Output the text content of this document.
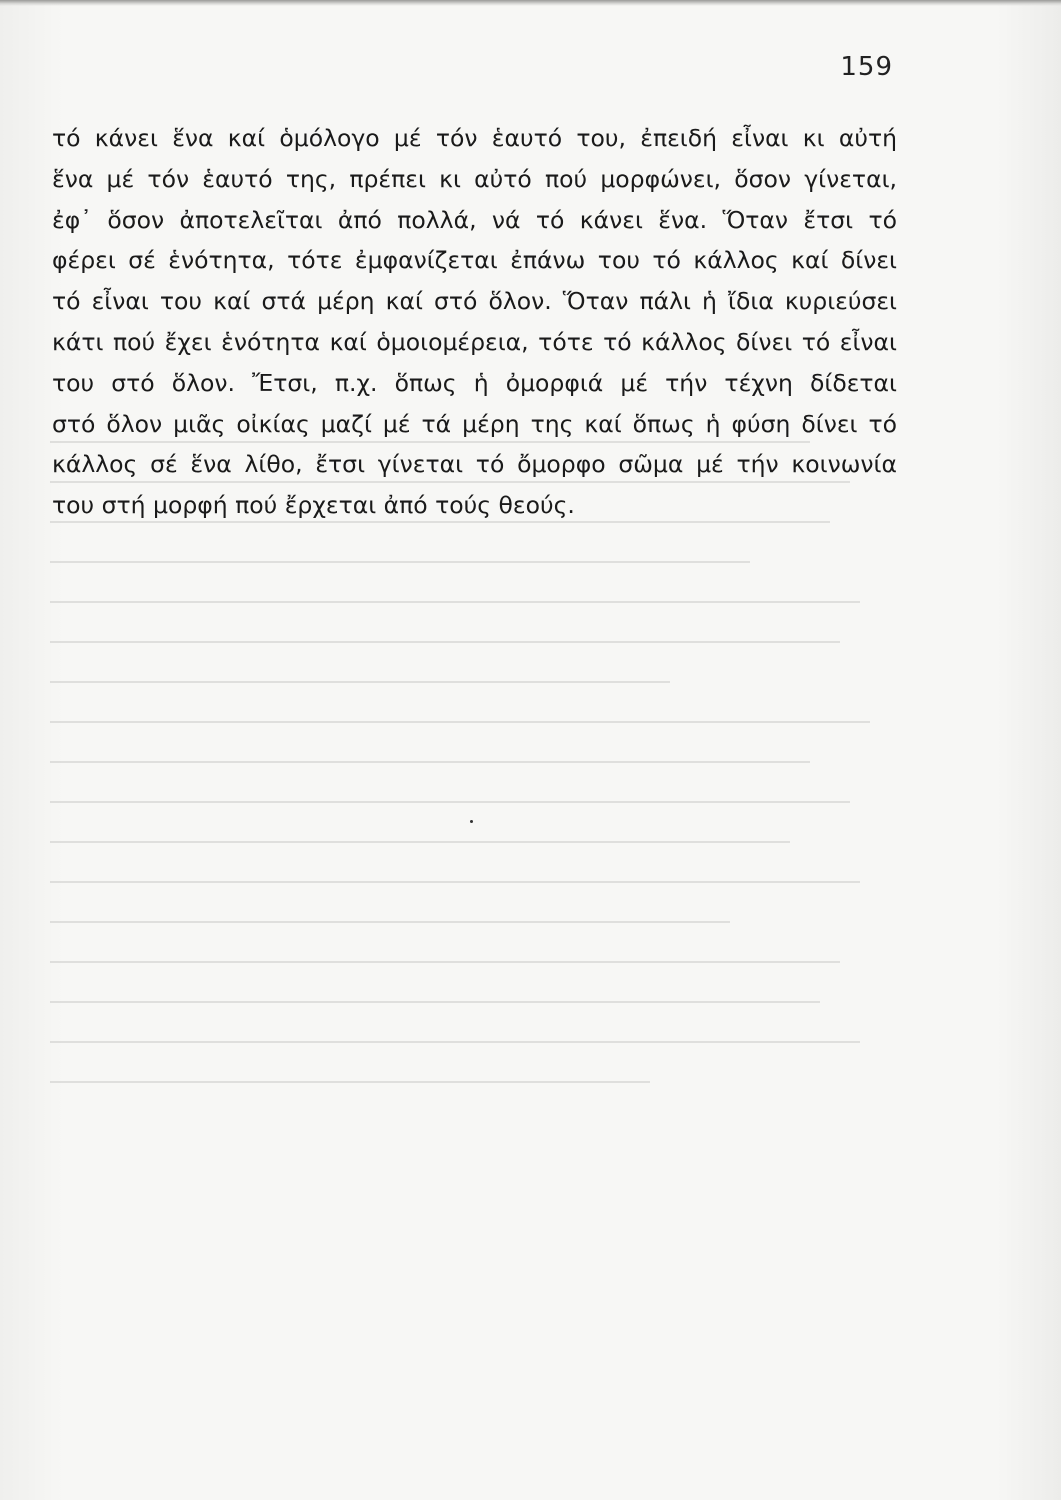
159
τό κάνει ἕνα καί ὁμόλογο μέ τόν ἑαυτό του, ἐπειδή εἶναι κι αὐτή
ἕνα μέ τόν ἑαυτό της, πρέπει κι αὐτό πού μορφώνει, ὅσον γίνεται,
ἐφ᾽ ὅσον ἀποτελεῖται ἀπό πολλά, νά τό κάνει ἕνα. Ὅταν ἔτσι τό
φέρει σέ ἑνότητα, τότε ἐμφανίζεται ἐπάνω του τό κάλλος καί δίνει
τό εἶναι του καί στά μέρη καί στό ὅλον. Ὅταν πάλι ἡ ἴδια κυριεύσει
κάτι πού ἔχει ἑνότητα καί ὁμοιομέρεια, τότε τό κάλλος δίνει τό εἶναι
του στό ὅλον. Ἔτσι, π.χ. ὅπως ἡ ὀμορφιά μέ τήν τέχνη δίδεται
στό ὅλον μιᾶς οἰκίας μαζί μέ τά μέρη της καί ὅπως ἡ φύση δίνει τό
κάλλος σέ ἕνα λίθο, ἔτσι γίνεται τό ὄμορφο σῶμα μέ τήν κοινωνία
του στή μορφή πού ἔρχεται ἀπό τούς θεούς.
